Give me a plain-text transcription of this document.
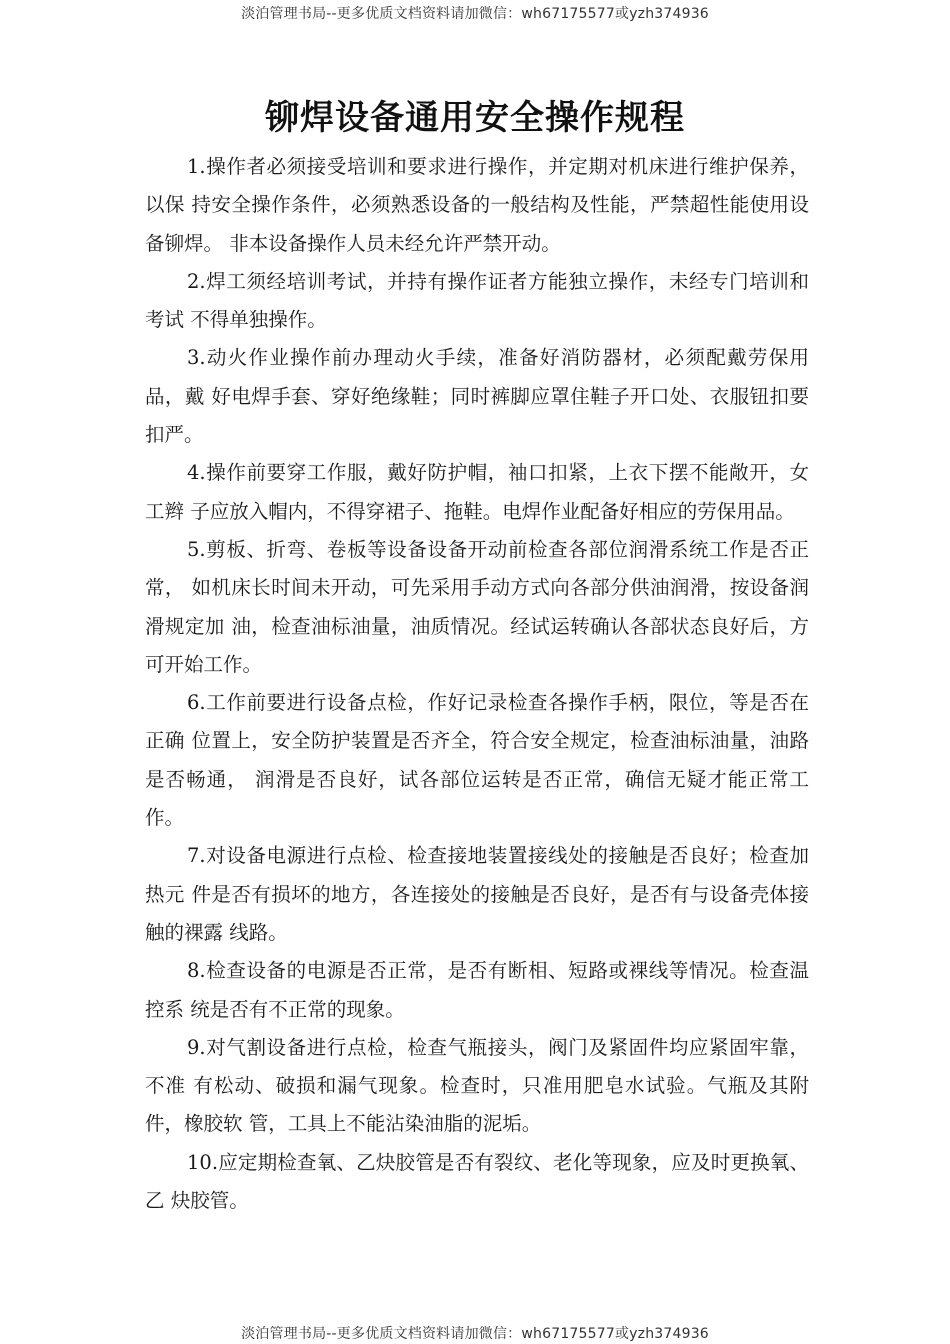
淡泊管理书局--更多优质文档资料请加微信：wh67175577或yzh374936
铆焊设备通用安全操作规程

1.操作者必须接受培训和要求进行操作，并定期对机床进行维护保养，以保 持安全操作条件，必须熟悉设备的一般结构及性能，严禁超性能使用设备铆焊。 非本设备操作人员未经允许严禁开动。

2.焊工须经培训考试，并持有操作证者方能独立操作，未经专门培训和考试 不得单独操作。

3.动火作业操作前办理动火手续，准备好消防器材，必须配戴劳保用品，戴 好电焊手套、穿好绝缘鞋；同时裤脚应罩住鞋子开口处、衣服钮扣要扣严。

4.操作前要穿工作服，戴好防护帽，袖口扣紧，上衣下摆不能敞开，女工辫 子应放入帽内，不得穿裙子、拖鞋。电焊作业配备好相应的劳保用品。

5.剪板、折弯、卷板等设备设备开动前检查各部位润滑系统工作是否正常， 如机床长时间未开动，可先采用手动方式向各部分供油润滑，按设备润滑规定加 油，检查油标油量，油质情况。经试运转确认各部状态良好后，方可开始工作。

6.工作前要进行设备点检，作好记录检查各操作手柄，限位，等是否在正确 位置上，安全防护装置是否齐全，符合安全规定，检查油标油量，油路是否畅通， 润滑是否良好，试各部位运转是否正常，确信无疑才能正常工作。

7.对设备电源进行点检、检查接地装置接线处的接触是否良好；检查加热元 件是否有损坏的地方，各连接处的接触是否良好，是否有与设备壳体接触的裸露 线路。

8.检查设备的电源是否正常，是否有断相、短路或裸线等情况。检查温控系 统是否有不正常的现象。

9.对气割设备进行点检，检查气瓶接头，阀门及紧固件均应紧固牢靠，不准 有松动、破损和漏气现象。检查时，只准用肥皂水试验。气瓶及其附件，橡胶软 管，工具上不能沾染油脂的泥垢。

10.应定期检查氧、乙炔胶管是否有裂纹、老化等现象，应及时更换氧、乙 炔胶管。

淡泊管理书局--更多优质文档资料请加微信：wh67175577或yzh374936
